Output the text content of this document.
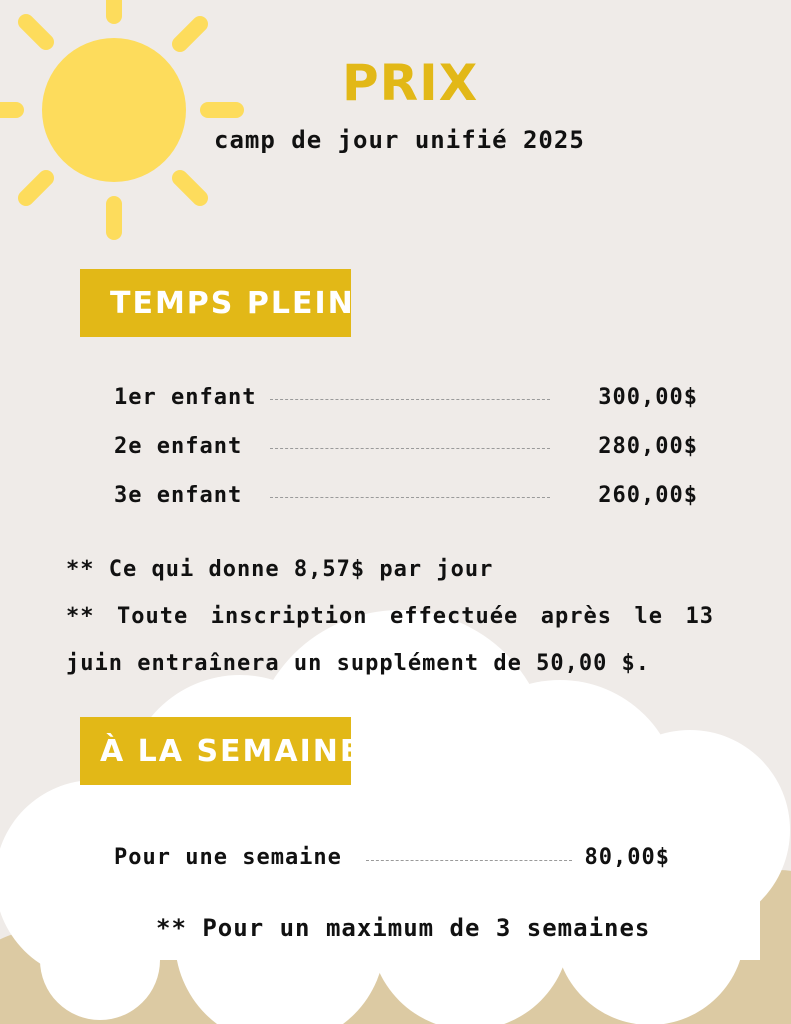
PRIX
camp de jour unifié 2025
TEMPS PLEIN
1er enfant	300,00$
2e enfant	280,00$
3e enfant	260,00$
** Ce qui donne 8,57$ par jour
** Toute inscription effectuée après le 13 juin entraînera un supplément de 50,00 $.
À LA SEMAINE
Pour une semaine	80,00$
** Pour un maximum de 3 semaines
